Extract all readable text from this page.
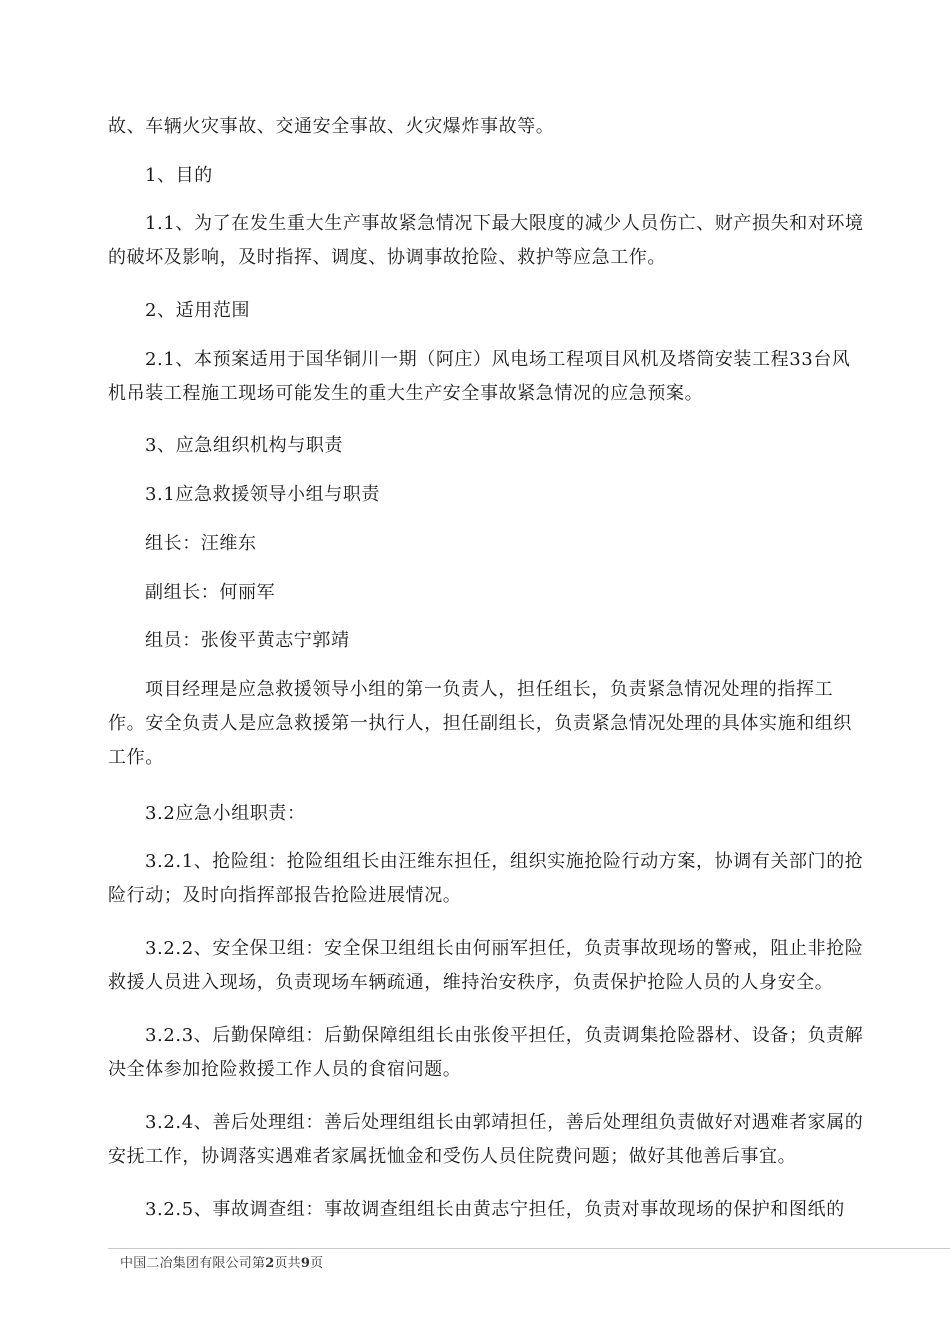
故、车辆火灾事故、交通安全事故、火灾爆炸事故等。

1、目的

1.1、为了在发生重大生产事故紧急情况下最大限度的减少人员伤亡、财产损失和对环境的破坏及影响，及时指挥、调度、协调事故抢险、救护等应急工作。

2、适用范围

2.1、本预案适用于国华铜川一期（阿庄）风电场工程项目风机及塔筒安装工程33台风机吊装工程施工现场可能发生的重大生产安全事故紧急情况的应急预案。

3、应急组织机构与职责

3.1应急救援领导小组与职责

组长：汪维东

副组长：何丽军

组员：张俊平黄志宁郭靖

项目经理是应急救援领导小组的第一负责人，担任组长，负责紧急情况处理的指挥工作。安全负责人是应急救援第一执行人，担任副组长，负责紧急情况处理的具体实施和组织工作。

3.2应急小组职责：

3.2.1、抢险组：抢险组组长由汪维东担任，组织实施抢险行动方案，协调有关部门的抢险行动；及时向指挥部报告抢险进展情况。

3.2.2、安全保卫组：安全保卫组组长由何丽军担任，负责事故现场的警戒，阻止非抢险救援人员进入现场，负责现场车辆疏通，维持治安秩序，负责保护抢险人员的人身安全。

3.2.3、后勤保障组：后勤保障组组长由张俊平担任，负责调集抢险器材、设备；负责解决全体参加抢险救援工作人员的食宿问题。

3.2.4、善后处理组：善后处理组组长由郭靖担任，善后处理组负责做好对遇难者家属的安抚工作，协调落实遇难者家属抚恤金和受伤人员住院费问题；做好其他善后事宜。

3.2.5、事故调查组：事故调查组组长由黄志宁担任，负责对事故现场的保护和图纸的

中国二冶集团有限公司第2页共9页
